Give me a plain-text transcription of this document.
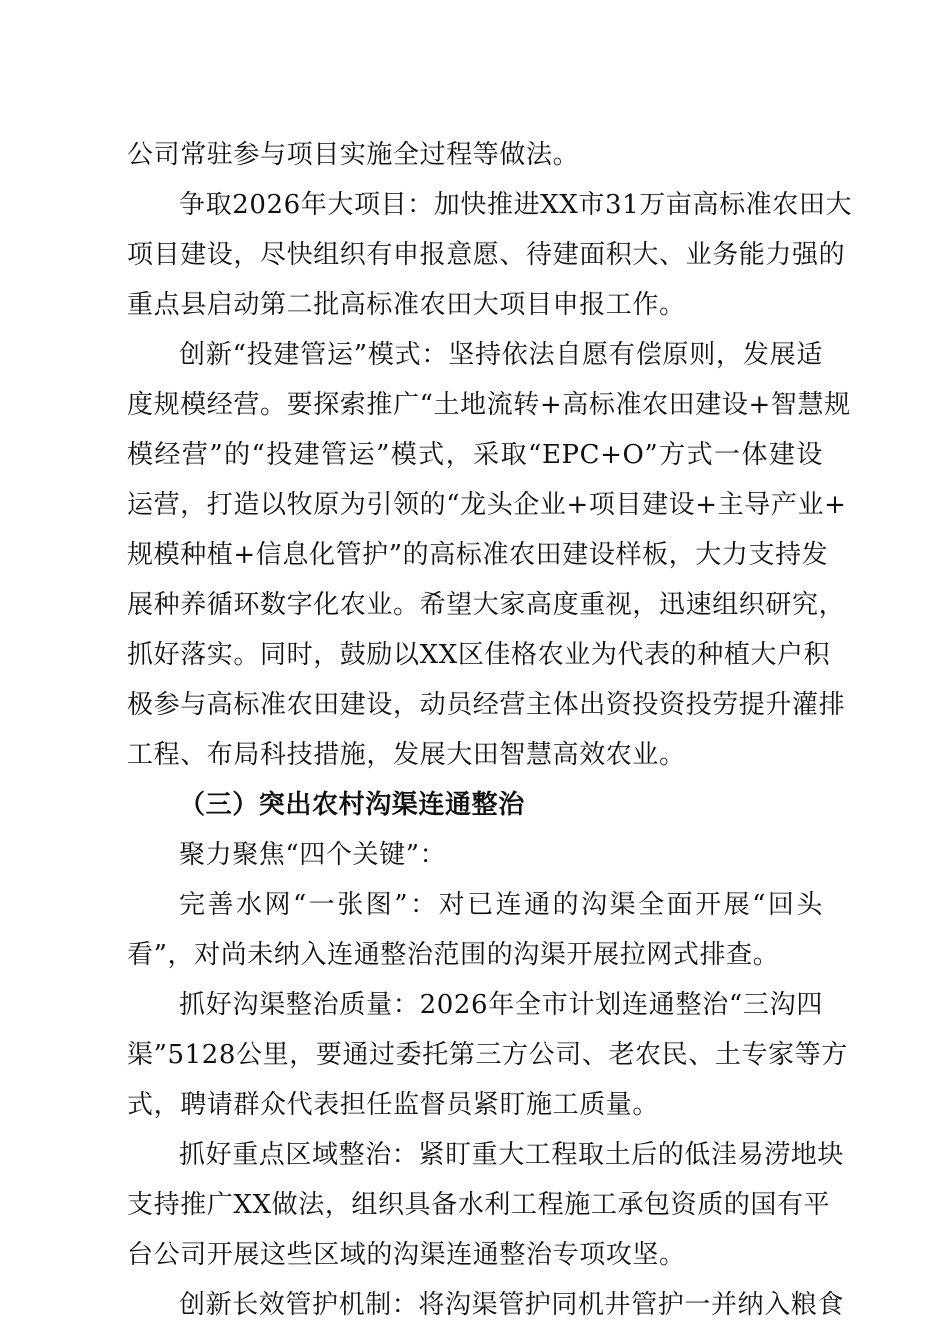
公司常驻参与项目实施全过程等做法。
争取2026年大项目：加快推进XX市31万亩高标准农田大
项目建设，尽快组织有申报意愿、待建面积大、业务能力强的
重点县启动第二批高标准农田大项目申报工作。
创新“投建管运”模式：坚持依法自愿有偿原则，发展适
度规模经营。要探索推广“土地流转+高标准农田建设+智慧规
模经营”的“投建管运”模式，采取“EPC+O”方式一体建设
运营，打造以牧原为引领的“龙头企业+项目建设+主导产业+
规模种植+信息化管护”的高标准农田建设样板，大力支持发
展种养循环数字化农业。希望大家高度重视，迅速组织研究，
抓好落实。同时，鼓励以XX区佳格农业为代表的种植大户积
极参与高标准农田建设，动员经营主体出资投资投劳提升灌排
工程、布局科技措施，发展大田智慧高效农业。
（三）突出农村沟渠连通整治
聚力聚焦“四个关键”：
完善水网“一张图”：对已连通的沟渠全面开展“回头
看”，对尚未纳入连通整治范围的沟渠开展拉网式排查。
抓好沟渠整治质量：2026年全市计划连通整治“三沟四
渠”5128公里，要通过委托第三方公司、老农民、土专家等方
式，聘请群众代表担任监督员紧盯施工质量。
抓好重点区域整治：紧盯重大工程取土后的低洼易涝地块
支持推广XX做法，组织具备水利工程施工承包资质的国有平
台公司开展这些区域的沟渠连通整治专项攻坚。
创新长效管护机制：将沟渠管护同机井管护一并纳入粮食
